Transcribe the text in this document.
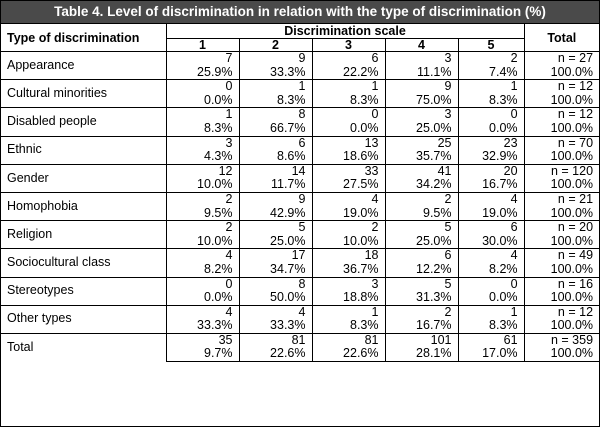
Table 4. Level of discrimination in relation with the type of discrimination (%)
Type of discrimination	Discrimination scale					Total
	1	2	3	4	5	
Appearance	7	9	6	3	2	n = 27
	25.9%	33.3%	22.2%	11.1%	7.4%	100.0%
Cultural minorities	0	1	1	9	1	n = 12
	0.0%	8.3%	8.3%	75.0%	8.3%	100.0%
Disabled people	1	8	0	3	0	n = 12
	8.3%	66.7%	0.0%	25.0%	0.0%	100.0%
Ethnic	3	6	13	25	23	n = 70
	4.3%	8.6%	18.6%	35.7%	32.9%	100.0%
Gender	12	14	33	41	20	n = 120
	10.0%	11.7%	27.5%	34.2%	16.7%	100.0%
Homophobia	2	9	4	2	4	n = 21
	9.5%	42.9%	19.0%	9.5%	19.0%	100.0%
Religion	2	5	2	5	6	n = 20
	10.0%	25.0%	10.0%	25.0%	30.0%	100.0%
Sociocultural class	4	17	18	6	4	n = 49
	8.2%	34.7%	36.7%	12.2%	8.2%	100.0%
Stereotypes	0	8	3	5	0	n = 16
	0.0%	50.0%	18.8%	31.3%	0.0%	100.0%
Other types	4	4	1	2	1	n = 12
	33.3%	33.3%	8.3%	16.7%	8.3%	100.0%
Total	35	81	81	101	61	n = 359
	9.7%	22.6%	22.6%	28.1%	17.0%	100.0%
